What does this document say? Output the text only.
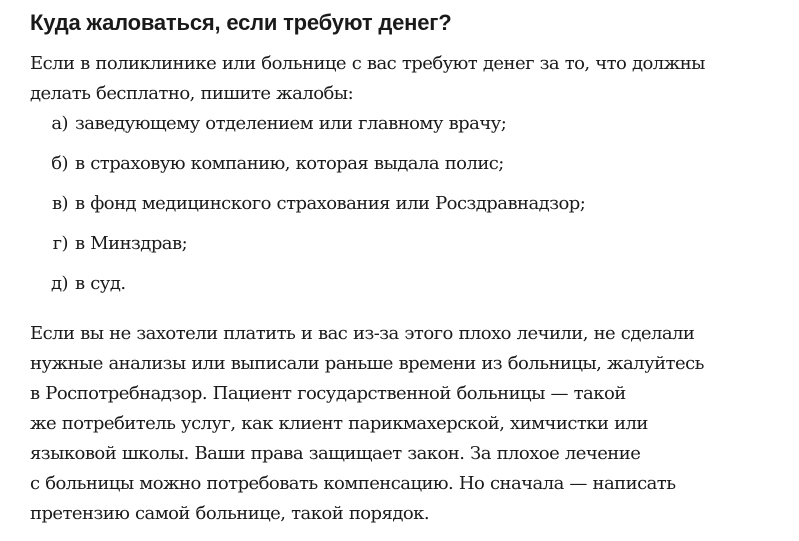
Куда жаловаться, если требуют денег?

Если в поликлинике или больнице с вас требуют денег за то, что должны
делать бесплатно, пишите жалобы:

а) заведующему отделением или главному врачу;
б) в страховую компанию, которая выдала полис;
в) в фонд медицинского страхования или Росздравнадзор;
г) в Минздрав;
д) в суд.

Если вы не захотели платить и вас из-за этого плохо лечили, не сделали
нужные анализы или выписали раньше времени из больницы, жалуйтесь
в Роспотребнадзор. Пациент государственной больницы — такой
же потребитель услуг, как клиент парикмахерской, химчистки или
языковой школы. Ваши права защищает закон. За плохое лечение
с больницы можно потребовать компенсацию. Но сначала — написать
претензию самой больнице, такой порядок.
